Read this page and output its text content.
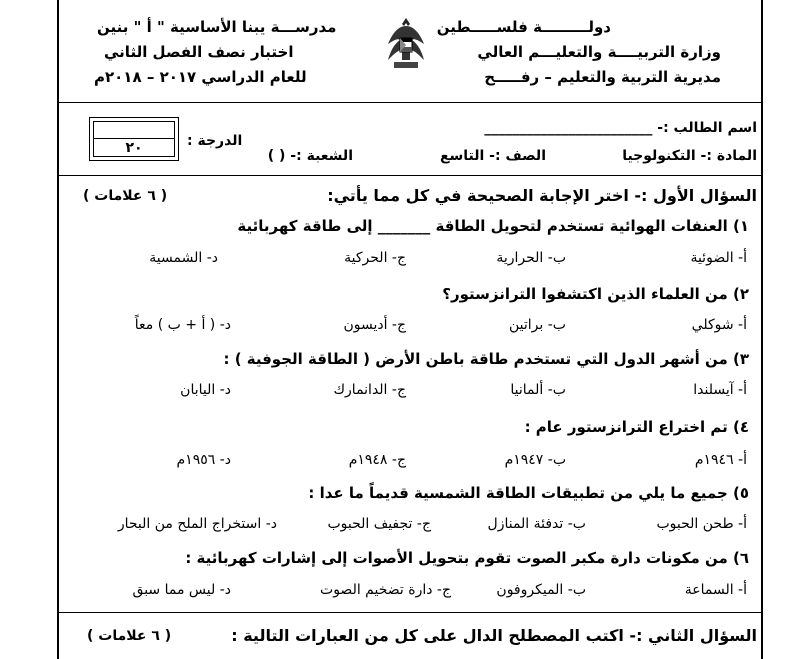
دولـــــــــة فلســـــطين
وزارة التربيــــة والتعليـــم العالي
مديرية التربية والتعليم – رفـــــح
مدرســـة يبنا الأساسية " أ " بنين
اختبار نصف الفصل الثاني
للعام الدراسي ٢٠١٧ – ٢٠١٨م
اسم الطالب :- ________________________
المادة :- التكنولوجيا
الصف :- التاسع
الشعبة :- ( )
الدرجة :
٢٠
السؤال الأول :- اختر الإجابة الصحيحة في كل مما يأتي:
( ٦ علامات )
١) العنفات الهوائية تستخدم لتحويل الطاقة _______ إلى طاقة كهربائية
أ- الضوئية
ب- الحرارية
ج- الحركية
د- الشمسية
٢) من العلماء الذين اكتشفوا الترانزستور؟
أ- شوكلي
ب- براتين
ج- أديسون
د- ( أ + ب ) معاً
٣) من أشهر الدول التي تستخدم طاقة باطن الأرض ( الطاقة الجوفية ) :
أ- آيسلندا
ب- ألمانيا
ج- الدانمارك
د- اليابان
٤) تم اختراع الترانزستور عام :
أ- ١٩٤٦م
ب- ١٩٤٧م
ج- ١٩٤٨م
د- ١٩٥٦م
٥) جميع ما يلي من تطبيقات الطاقة الشمسية قديماً ما عدا :
أ- طحن الحبوب
ب- تدفئة المنازل
ج- تجفيف الحبوب
د- استخراج الملح من البحار
٦) من مكونات دارة مكبر الصوت تقوم بتحويل الأصوات إلى إشارات كهربائية :
أ- السماعة
ب- الميكروفون
ج- دارة تضخيم الصوت
د- ليس مما سبق
السؤال الثاني :- اكتب المصطلح الدال على كل من العبارات التالية :
( ٦ علامات )
